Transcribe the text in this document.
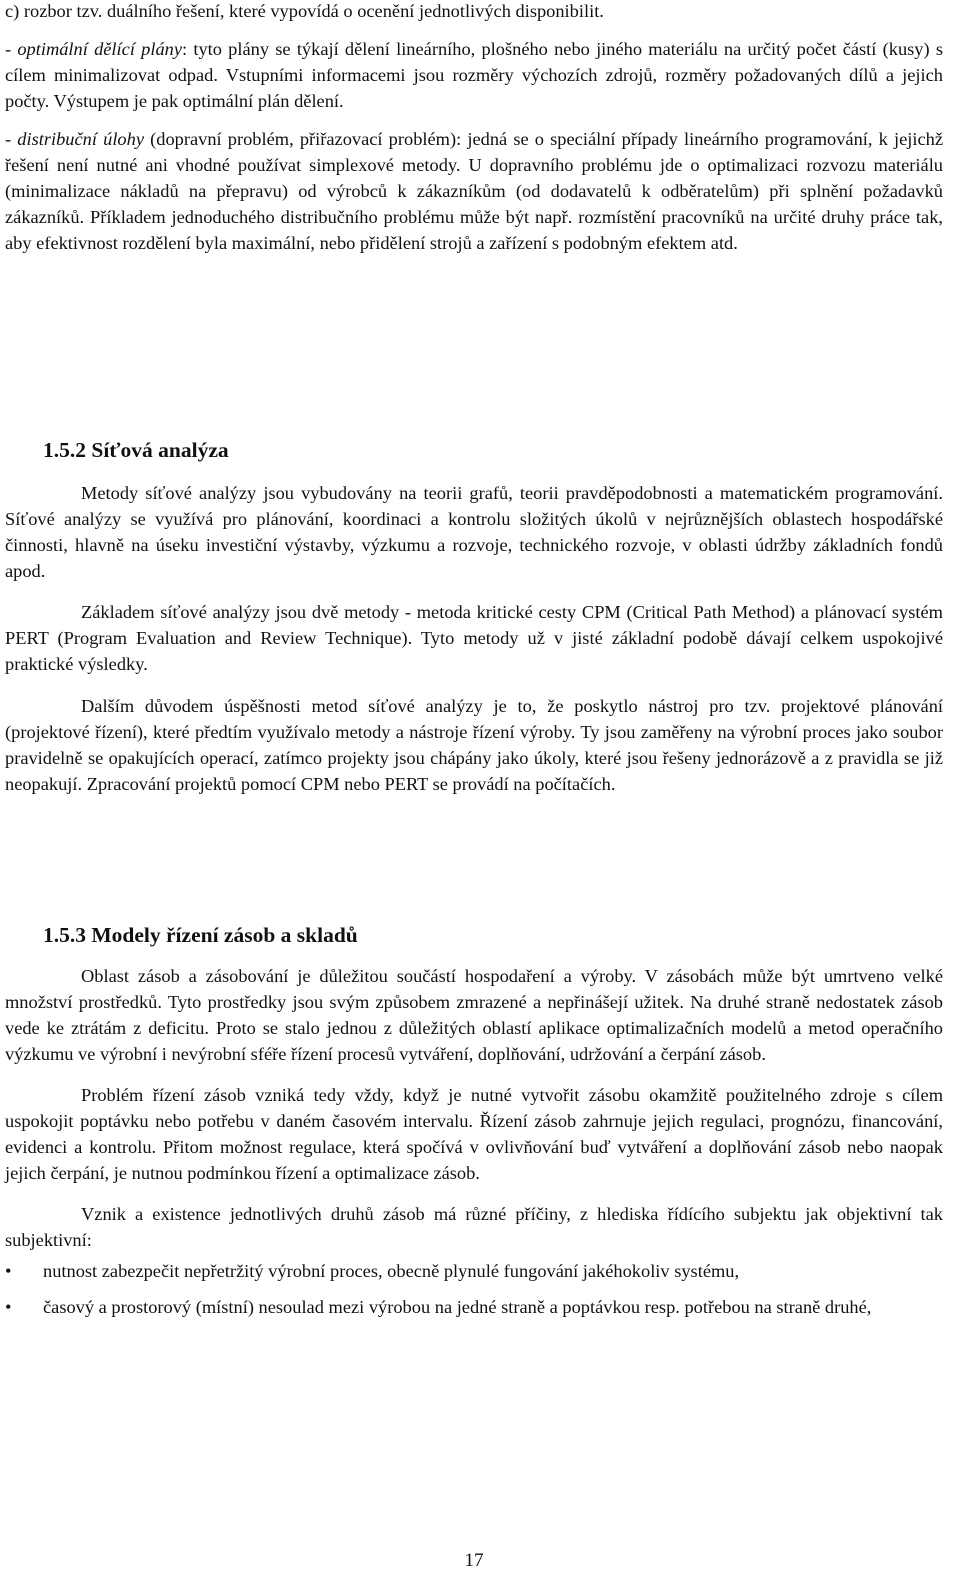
c) rozbor tzv. duálního řešení, které vypovídá o ocenění jednotlivých disponibilit.

- optimální dělící plány: tyto plány se týkají dělení lineárního, plošného nebo jiného materiálu na určitý počet částí (kusy) s cílem minimalizovat odpad. Vstupními informacemi jsou rozměry výchozích zdrojů, rozměry požadovaných dílů a jejich počty. Výstupem je pak optimální plán dělení.

- distribuční úlohy (dopravní problém, přiřazovací problém): jedná se o speciální případy lineárního programování, k jejichž řešení není nutné ani vhodné používat simplexové metody. U dopravního problému jde o optimalizaci rozvozu materiálu (minimalizace nákladů na přepravu) od výrobců k zákazníkům (od dodavatelů k odběratelům) při splnění požadavků zákazníků. Příkladem jednoduchého distribučního problému může být např. rozmístění pracovníků na určité druhy práce tak, aby efektivnost rozdělení byla maximální, nebo přidělení strojů a zařízení s podobným efektem atd.

1.5.2 Síťová analýza

Metody síťové analýzy jsou vybudovány na teorii grafů, teorii pravděpodobnosti a matematickém programování. Síťové analýzy se využívá pro plánování, koordinaci a kontrolu složitých úkolů v nejrůznějších oblastech hospodářské činnosti, hlavně na úseku investiční výstavby, výzkumu a rozvoje, technického rozvoje, v oblasti údržby základních fondů apod.

Základem síťové analýzy jsou dvě metody - metoda kritické cesty CPM (Critical Path Method) a plánovací systém PERT (Program Evaluation and Review Technique). Tyto metody už v jisté základní podobě dávají celkem uspokojivé praktické výsledky.

Dalším důvodem úspěšnosti metod síťové analýzy je to, že poskytlo nástroj pro tzv. projektové plánování (projektové řízení), které předtím využívalo metody a nástroje řízení výroby. Ty jsou zaměřeny na výrobní proces jako soubor pravidelně se opakujících operací, zatímco projekty jsou chápány jako úkoly, které jsou řešeny jednorázově a z pravidla se již neopakují. Zpracování projektů pomocí CPM nebo PERT se provádí na počítačích.

1.5.3 Modely řízení zásob a skladů

Oblast zásob a zásobování je důležitou součástí hospodaření a výroby. V zásobách může být umrtveno velké množství prostředků. Tyto prostředky jsou svým způsobem zmrazené a nepřinášejí užitek. Na druhé straně nedostatek zásob vede ke ztrátám z deficitu. Proto se stalo jednou z důležitých oblastí aplikace optimalizačních modelů a metod operačního výzkumu ve výrobní i nevýrobní sféře řízení procesů vytváření, doplňování, udržování a čerpání zásob.

Problém řízení zásob vzniká tedy vždy, když je nutné vytvořit zásobu okamžitě použitelného zdroje s cílem uspokojit poptávku nebo potřebu v daném časovém intervalu. Řízení zásob zahrnuje jejich regulaci, prognózu, financování, evidenci a kontrolu. Přitom možnost regulace, která spočívá v ovlivňování buď vytváření a doplňování zásob nebo naopak jejich čerpání, je nutnou podmínkou řízení a optimalizace zásob.

Vznik a existence jednotlivých druhů zásob má různé příčiny, z hlediska řídícího subjektu jak objektivní tak subjektivní:

• nutnost zabezpečit nepřetržitý výrobní proces, obecně plynulé fungování jakéhokoliv systému,
• časový a prostorový (místní) nesoulad mezi výrobou na jedné straně a poptávkou resp. potřebou na straně druhé,
17
